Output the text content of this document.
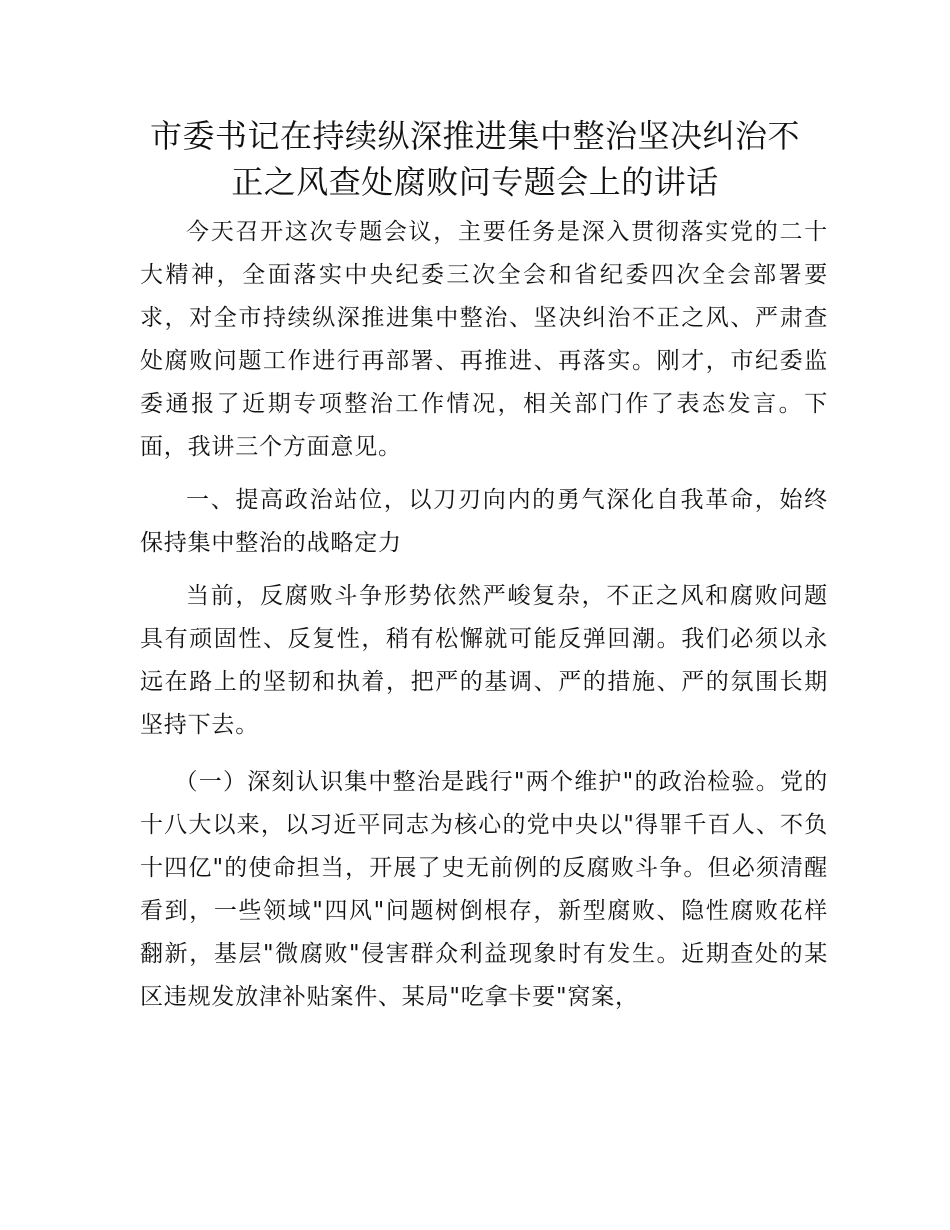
市委书记在持续纵深推进集中整治坚决纠治不
正之风查处腐败问专题会上的讲话

今天召开这次专题会议，主要任务是深入贯彻落实党的二十大精神，全面落实中央纪委三次全会和省纪委四次全会部署要求，对全市持续纵深推进集中整治、坚决纠治不正之风、严肃查处腐败问题工作进行再部署、再推进、再落实。刚才，市纪委监委通报了近期专项整治工作情况，相关部门作了表态发言。下面，我讲三个方面意见。

一、提高政治站位，以刀刃向内的勇气深化自我革命，始终保持集中整治的战略定力

当前，反腐败斗争形势依然严峻复杂，不正之风和腐败问题具有顽固性、反复性，稍有松懈就可能反弹回潮。我们必须以永远在路上的坚韧和执着，把严的基调、严的措施、严的氛围长期坚持下去。

（一）深刻认识集中整治是践行"两个维护"的政治检验。党的十八大以来，以习近平同志为核心的党中央以"得罪千百人、不负十四亿"的使命担当，开展了史无前例的反腐败斗争。但必须清醒看到，一些领域"四风"问题树倒根存，新型腐败、隐性腐败花样翻新，基层"微腐败"侵害群众利益现象时有发生。近期查处的某区违规发放津补贴案件、某局"吃拿卡要"窝案，
